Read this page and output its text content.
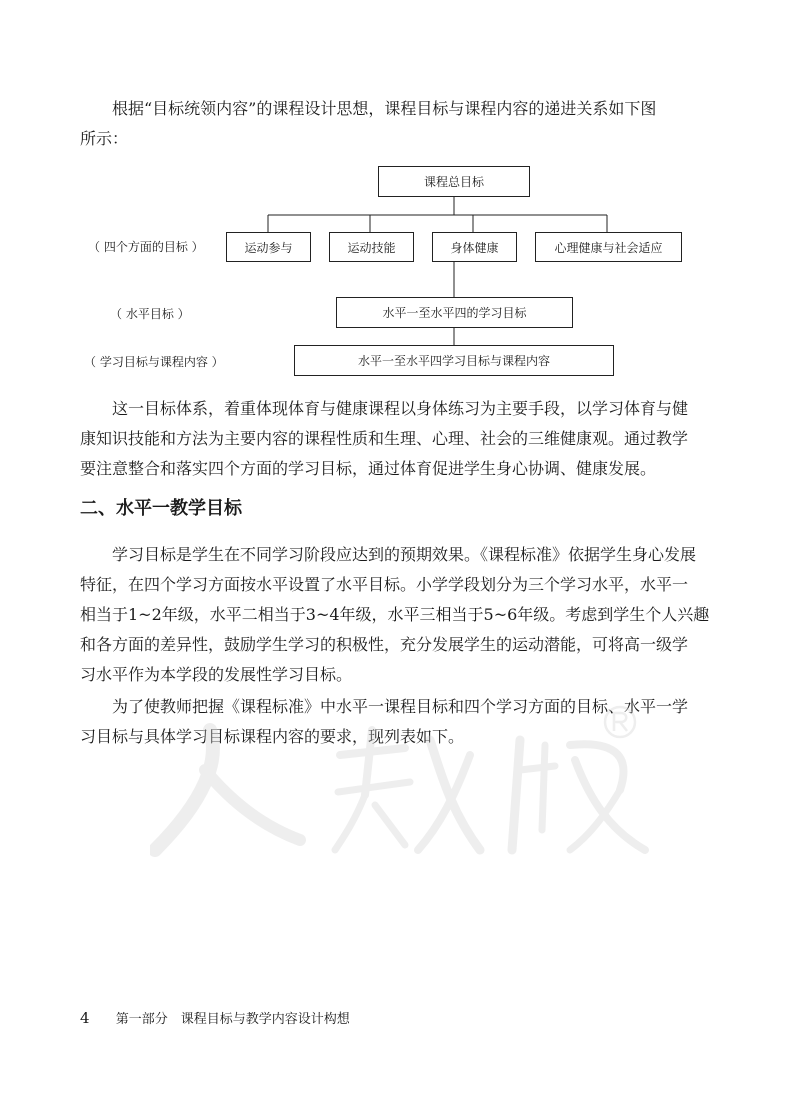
根据“目标统领内容”的课程设计思想，课程目标与课程内容的递进关系如下图
所示：

课程总目标
（ 四个方面的目标 ）	运动参与	运动技能	身体健康	心理健康与社会适应
（ 水平目标 ）	水平一至水平四的学习目标
（ 学习目标与课程内容 ）	水平一至水平四学习目标与课程内容

这一目标体系，着重体现体育与健康课程以身体练习为主要手段，以学习体育与健
康知识技能和方法为主要内容的课程性质和生理、心理、社会的三维健康观。通过教学
要注意整合和落实四个方面的学习目标，通过体育促进学生身心协调、健康发展。

二、水平一教学目标

学习目标是学生在不同学习阶段应达到的预期效果。《课程标准》依据学生身心发展
特征，在四个学习方面按水平设置了水平目标。小学学段划分为三个学习水平，水平一
相当于1~2年级，水平二相当于3~4年级，水平三相当于5~6年级。考虑到学生个人兴趣
和各方面的差异性，鼓励学生学习的积极性，充分发展学生的运动潜能，可将高一级学
习水平作为本学段的发展性学习目标。

为了使教师把握《课程标准》中水平一课程目标和四个学习方面的目标、水平一学
习目标与具体学习目标课程内容的要求，现列表如下。

4 第一部分　课程目标与教学内容设计构想
